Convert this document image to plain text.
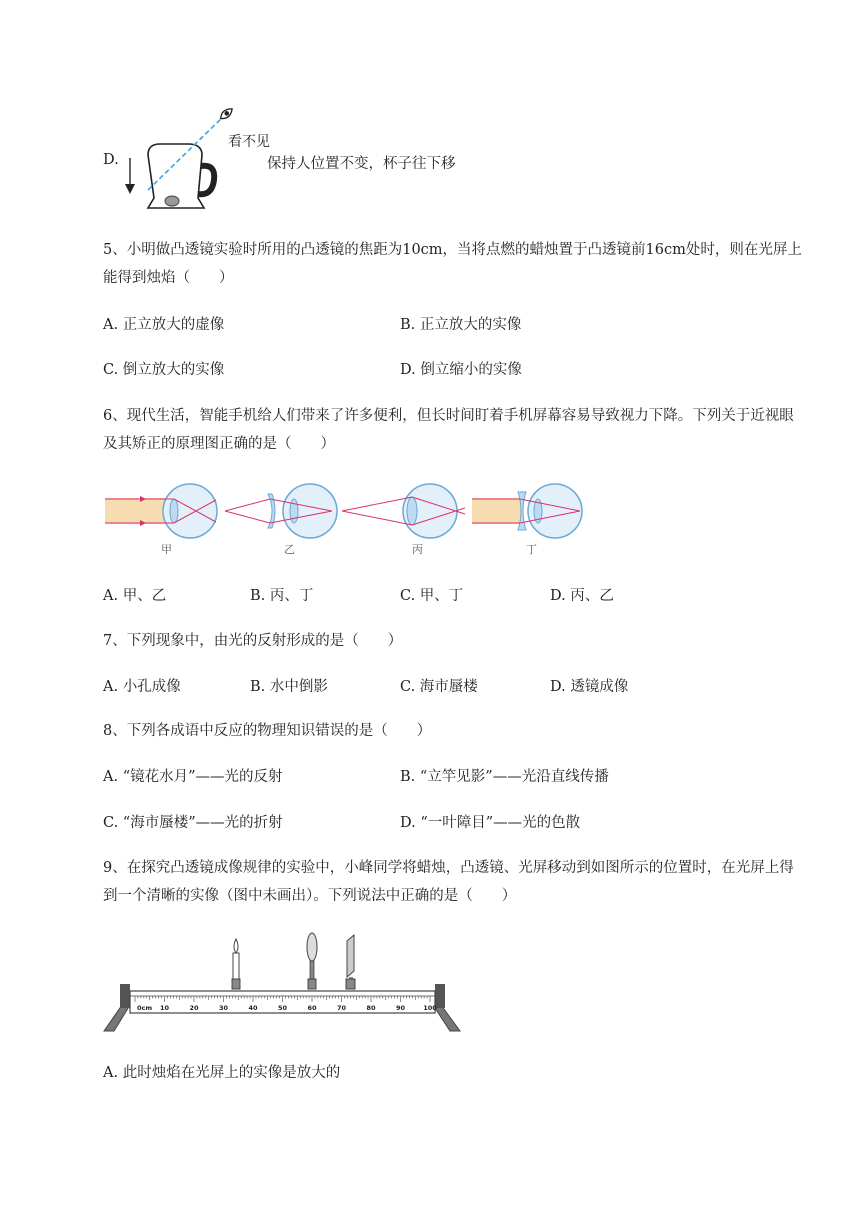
D.
看不见
保持人位置不变，杯子往下移
5、小明做凸透镜实验时所用的凸透镜的焦距为10cm，当将点燃的蜡烛置于凸透镜前16cm处时，则在光屏上能得到烛焰（　　）
A. 正立放大的虚像	B. 正立放大的实像
C. 倒立放大的实像	D. 倒立缩小的实像
6、现代生活，智能手机给人们带来了许多便利，但长时间盯着手机屏幕容易导致视力下降。下列关于近视眼及其矫正的原理图正确的是（　　）
甲	乙	丙	丁
A. 甲、乙	B. 丙、丁	C. 甲、丁	D. 丙、乙
7、下列现象中，由光的反射形成的是（　　）
A. 小孔成像	B. 水中倒影	C. 海市蜃楼	D. 透镜成像
8、下列各成语中反应的物理知识错误的是（　　）
A. “镜花水月”——光的反射	B. “立竿见影”——光沿直线传播
C. “海市蜃楼”——光的折射	D. “一叶障目”——光的色散
9、在探究凸透镜成像规律的实验中，小峰同学将蜡烛，凸透镜、光屏移动到如图所示的位置时，在光屏上得到一个清晰的实像（图中未画出）。下列说法中正确的是（　　）
0cm 10	20	30	40	50	60	70	80	90	100
A. 此时烛焰在光屏上的实像是放大的
